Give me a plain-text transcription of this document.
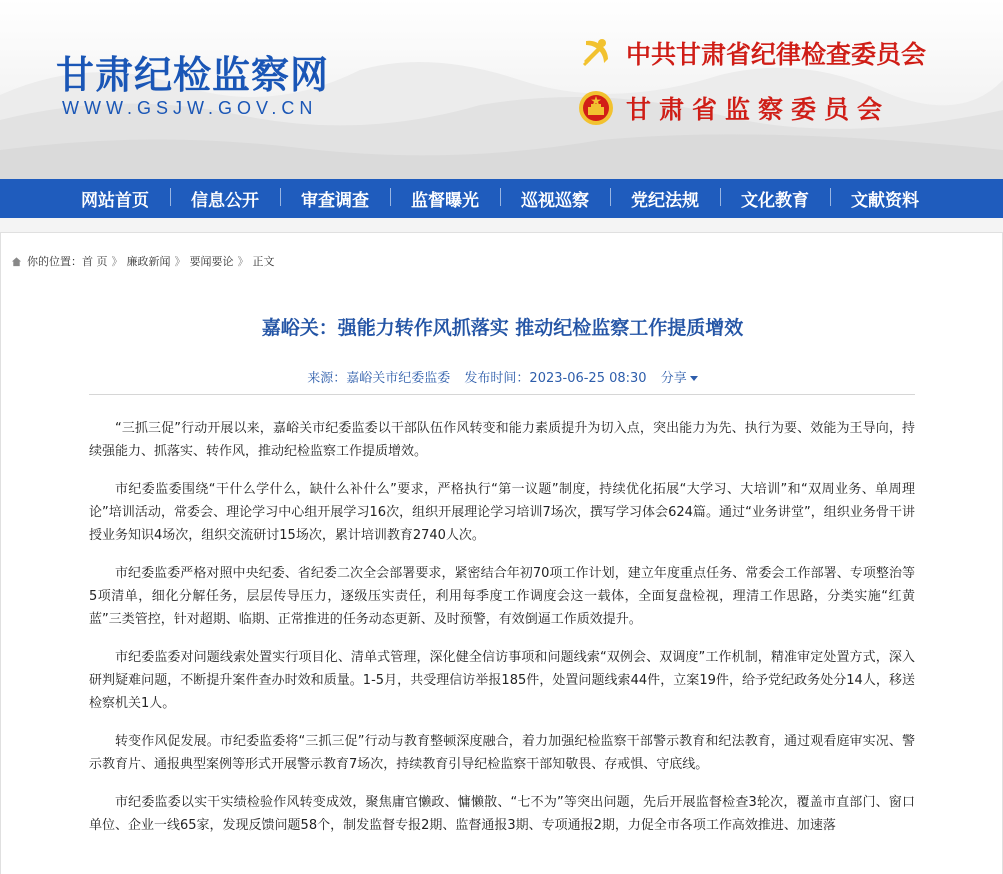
甘肃纪检监察网
WWW.GSJW.GOV.CN
中共甘肃省纪律检查委员会
甘肃省监察委员会
网站首页	信息公开	审查调查	监督曝光	巡视巡察	党纪法规	文化教育	文献资料
你的位置： 首 页 》 廉政新闻 》 要闻要论 》 正文
嘉峪关：强能力转作风抓落实 推动纪检监察工作提质增效
来源：嘉峪关市纪委监委 发布时间：2023-06-25 08:30 分享

“三抓三促”行动开展以来，嘉峪关市纪委监委以干部队伍作风转变和能力素质提升为切入点，突出能力为先、执行为要、效能为王导向，持续强能力、抓落实、转作风，推动纪检监察工作提质增效。

市纪委监委围绕“干什么学什么，缺什么补什么”要求，严格执行“第一议题”制度，持续优化拓展“大学习、大培训”和“双周业务、单周理论”培训活动，常委会、理论学习中心组开展学习16次，组织开展理论学习培训7场次，撰写学习体会624篇。通过“业务讲堂”，组织业务骨干讲授业务知识4场次，组织交流研讨15场次，累计培训教育2740人次。

市纪委监委严格对照中央纪委、省纪委二次全会部署要求，紧密结合年初70项工作计划，建立年度重点任务、常委会工作部署、专项整治等5项清单，细化分解任务，层层传导压力，逐级压实责任，利用每季度工作调度会这一载体，全面复盘检视，理清工作思路，分类实施“红黄蓝”三类管控，针对超期、临期、正常推进的任务动态更新、及时预警，有效倒逼工作质效提升。

市纪委监委对问题线索处置实行项目化、清单式管理，深化健全信访事项和问题线索“双例会、双调度”工作机制，精准审定处置方式，深入研判疑难问题，不断提升案件查办时效和质量。1-5月，共受理信访举报185件，处置问题线索44件，立案19件，给予党纪政务处分14人，移送检察机关1人。

转变作风促发展。市纪委监委将“三抓三促”行动与教育整顿深度融合，着力加强纪检监察干部警示教育和纪法教育，通过观看庭审实况、警示教育片、通报典型案例等形式开展警示教育7场次，持续教育引导纪检监察干部知敬畏、存戒惧、守底线。

市纪委监委以实干实绩检验作风转变成效，聚焦庸官懒政、慵懒散、“七不为”等突出问题，先后开展监督检查3轮次，覆盖市直部门、窗口单位、企业一线65家，发现反馈问题58个，制发监督专报2期、监督通报3期、专项通报2期，力促全市各项工作高效推进、加速落
